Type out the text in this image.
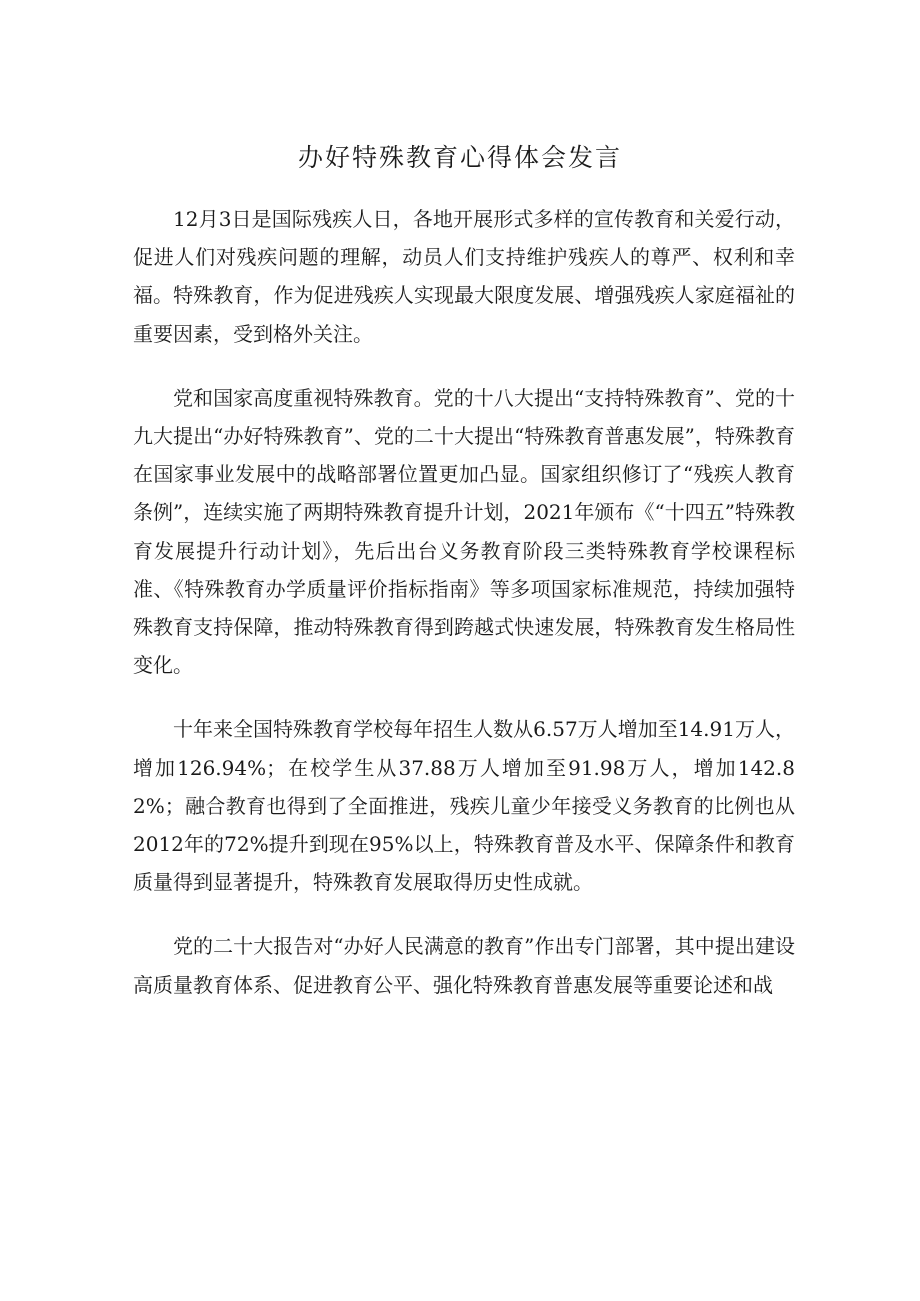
办好特殊教育心得体会发言

12月3日是国际残疾人日，各地开展形式多样的宣传教育和关爱行动，促进人们对残疾问题的理解，动员人们支持维护残疾人的尊严、权利和幸福。特殊教育，作为促进残疾人实现最大限度发展、增强残疾人家庭福祉的重要因素，受到格外关注。

党和国家高度重视特殊教育。党的十八大提出“支持特殊教育”、党的十九大提出“办好特殊教育”、党的二十大提出“特殊教育普惠发展”，特殊教育在国家事业发展中的战略部署位置更加凸显。国家组织修订了“残疾人教育条例”，连续实施了两期特殊教育提升计划，2021年颁布《“十四五”特殊教育发展提升行动计划》，先后出台义务教育阶段三类特殊教育学校课程标准、《特殊教育办学质量评价指标指南》等多项国家标准规范，持续加强特殊教育支持保障，推动特殊教育得到跨越式快速发展，特殊教育发生格局性变化。

十年来全国特殊教育学校每年招生人数从6.57万人增加至14.91万人，增加126.94%；在校学生从37.88万人增加至91.98万人，增加142.82%；融合教育也得到了全面推进，残疾儿童少年接受义务教育的比例也从2012年的72%提升到现在95%以上，特殊教育普及水平、保障条件和教育质量得到显著提升，特殊教育发展取得历史性成就。

党的二十大报告对“办好人民满意的教育”作出专门部署，其中提出建设高质量教育体系、促进教育公平、强化特殊教育普惠发展等重要论述和战
